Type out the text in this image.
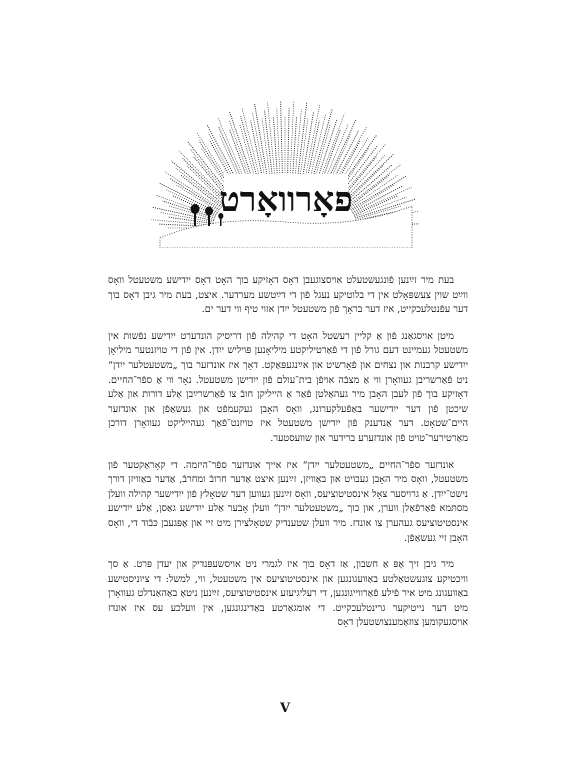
פאָרוואָרט

בעת מיר זײַנען פֿונגעשטעלט אויסצוגעבן דאָס דאָזיקע בוך האָט דאָס ייִדישע משטעטל וואָס ווײַט שוין צעשפּאָלט אין די בלוטיקע נעגל פֿון די דײַטשע מערדער. איצט, בעת מיר גיבן דאָס בוך דער עפֿנטלעכקייט, איז דער בראָך פֿון משטעטל ייִדן אזוי טיף ווי דער ים.

מיטן אויסגאַנג פֿון אַ קליין רעשטל האָט די קהילה פֿון דריסיק הונדערט ייִדישע נפֿשות אין משטעטל געמיינט דעם גורל פֿון די פֿאַרטיליקטע מיליאָנען פּויליש ייִדן. אין פֿון די טויזנטער מיליאָן ייִדישע קרבנות און נצחים און פֿאָרשיט און אײַנגעפּאַקט. דאָך איז אונדזער בוך „משטעטלער ייִדן“ ניט פֿאַרשריבן געוואָרן ווי אַ מצבֿה אויפֿן בית־עולם פֿון ייִדישן משטעטל. נאָר ווי אַ ספֿר־החיים. דאָזיקע בוך פֿון לעבן האָבן מיר געהאַלטן פֿאַר אַ הייליקן חובֿ צו פֿאַרשרײַבן אַלע דורות און אַלע שיכטן פֿון דער ייִדישער באַפֿעלקערונג, וואָס האָבן געקעמפֿט און געשאַפֿן און אונדזער היים־שטאָט. דער אַנדענק פֿון ייִדישן משטעטל איז טויזנט־פֿאַך געהייליקט געוואָרן דורכן מאַרטירער־טויט פֿון אונדזערע ברידער און שוועסטער.

אונדזער ספֿר־החיים „משטעטלער ייִדן“ איז אייך אונדזער ספֿר־היזמה. די קאָראַקטער פֿון משטעטל, וואָס מיר האָבן געבויט און באַוויזן, זײַנען איצט אַדער חרובֿ ומחרבֿ, אַדער באַוויזן דורך נישט־ייִדן. אַ גרויסער צאָל אינסטיטוציעס, וואָס זײַנען געווען דער שטאָלץ פֿון ייִדישער קהילה וועלן מסתּמא פֿאַרפֿאַלן ווערן, און בוך „משטעטלער ייִדן“ וועלן אָבער אַלע ייִדישע גאַסן, אַלע ייִדישע אינסטיטוציעס געהערן צו אונדז. מיר וועלן שטענדיק שטאָלצירן מיט זיי און אָפּגעבן כּבֿוד די, וואָס האָבן זיי געשאַפֿן.

מיר גיבן זיך אָפּ אַ חשבון, אַז דאָס בוך איז לגמרי ניט אויסשעפּנדיק און יעדן פּרט. אַ סך וויכטיקע צוגעשטאַלטע באַוועגונגען און אינסטיטוציעס אין משטעטל, ווי, למשל: די ציוניסטישע באַוועגונג מיט איר פֿילע פֿאַרווייגונגען, די רעליגיעזע אינסטיטוציעס, זײַנען ניטאָ באַהאַנדלט געוואָרן מיט דער נייטיקער גרינטלעכקייט. די אומגאַרטע באַדינגונגען, אין וועלכע עס איז אונדז אויסגעקומען צוזאַמענצושטעלן דאָס

V
